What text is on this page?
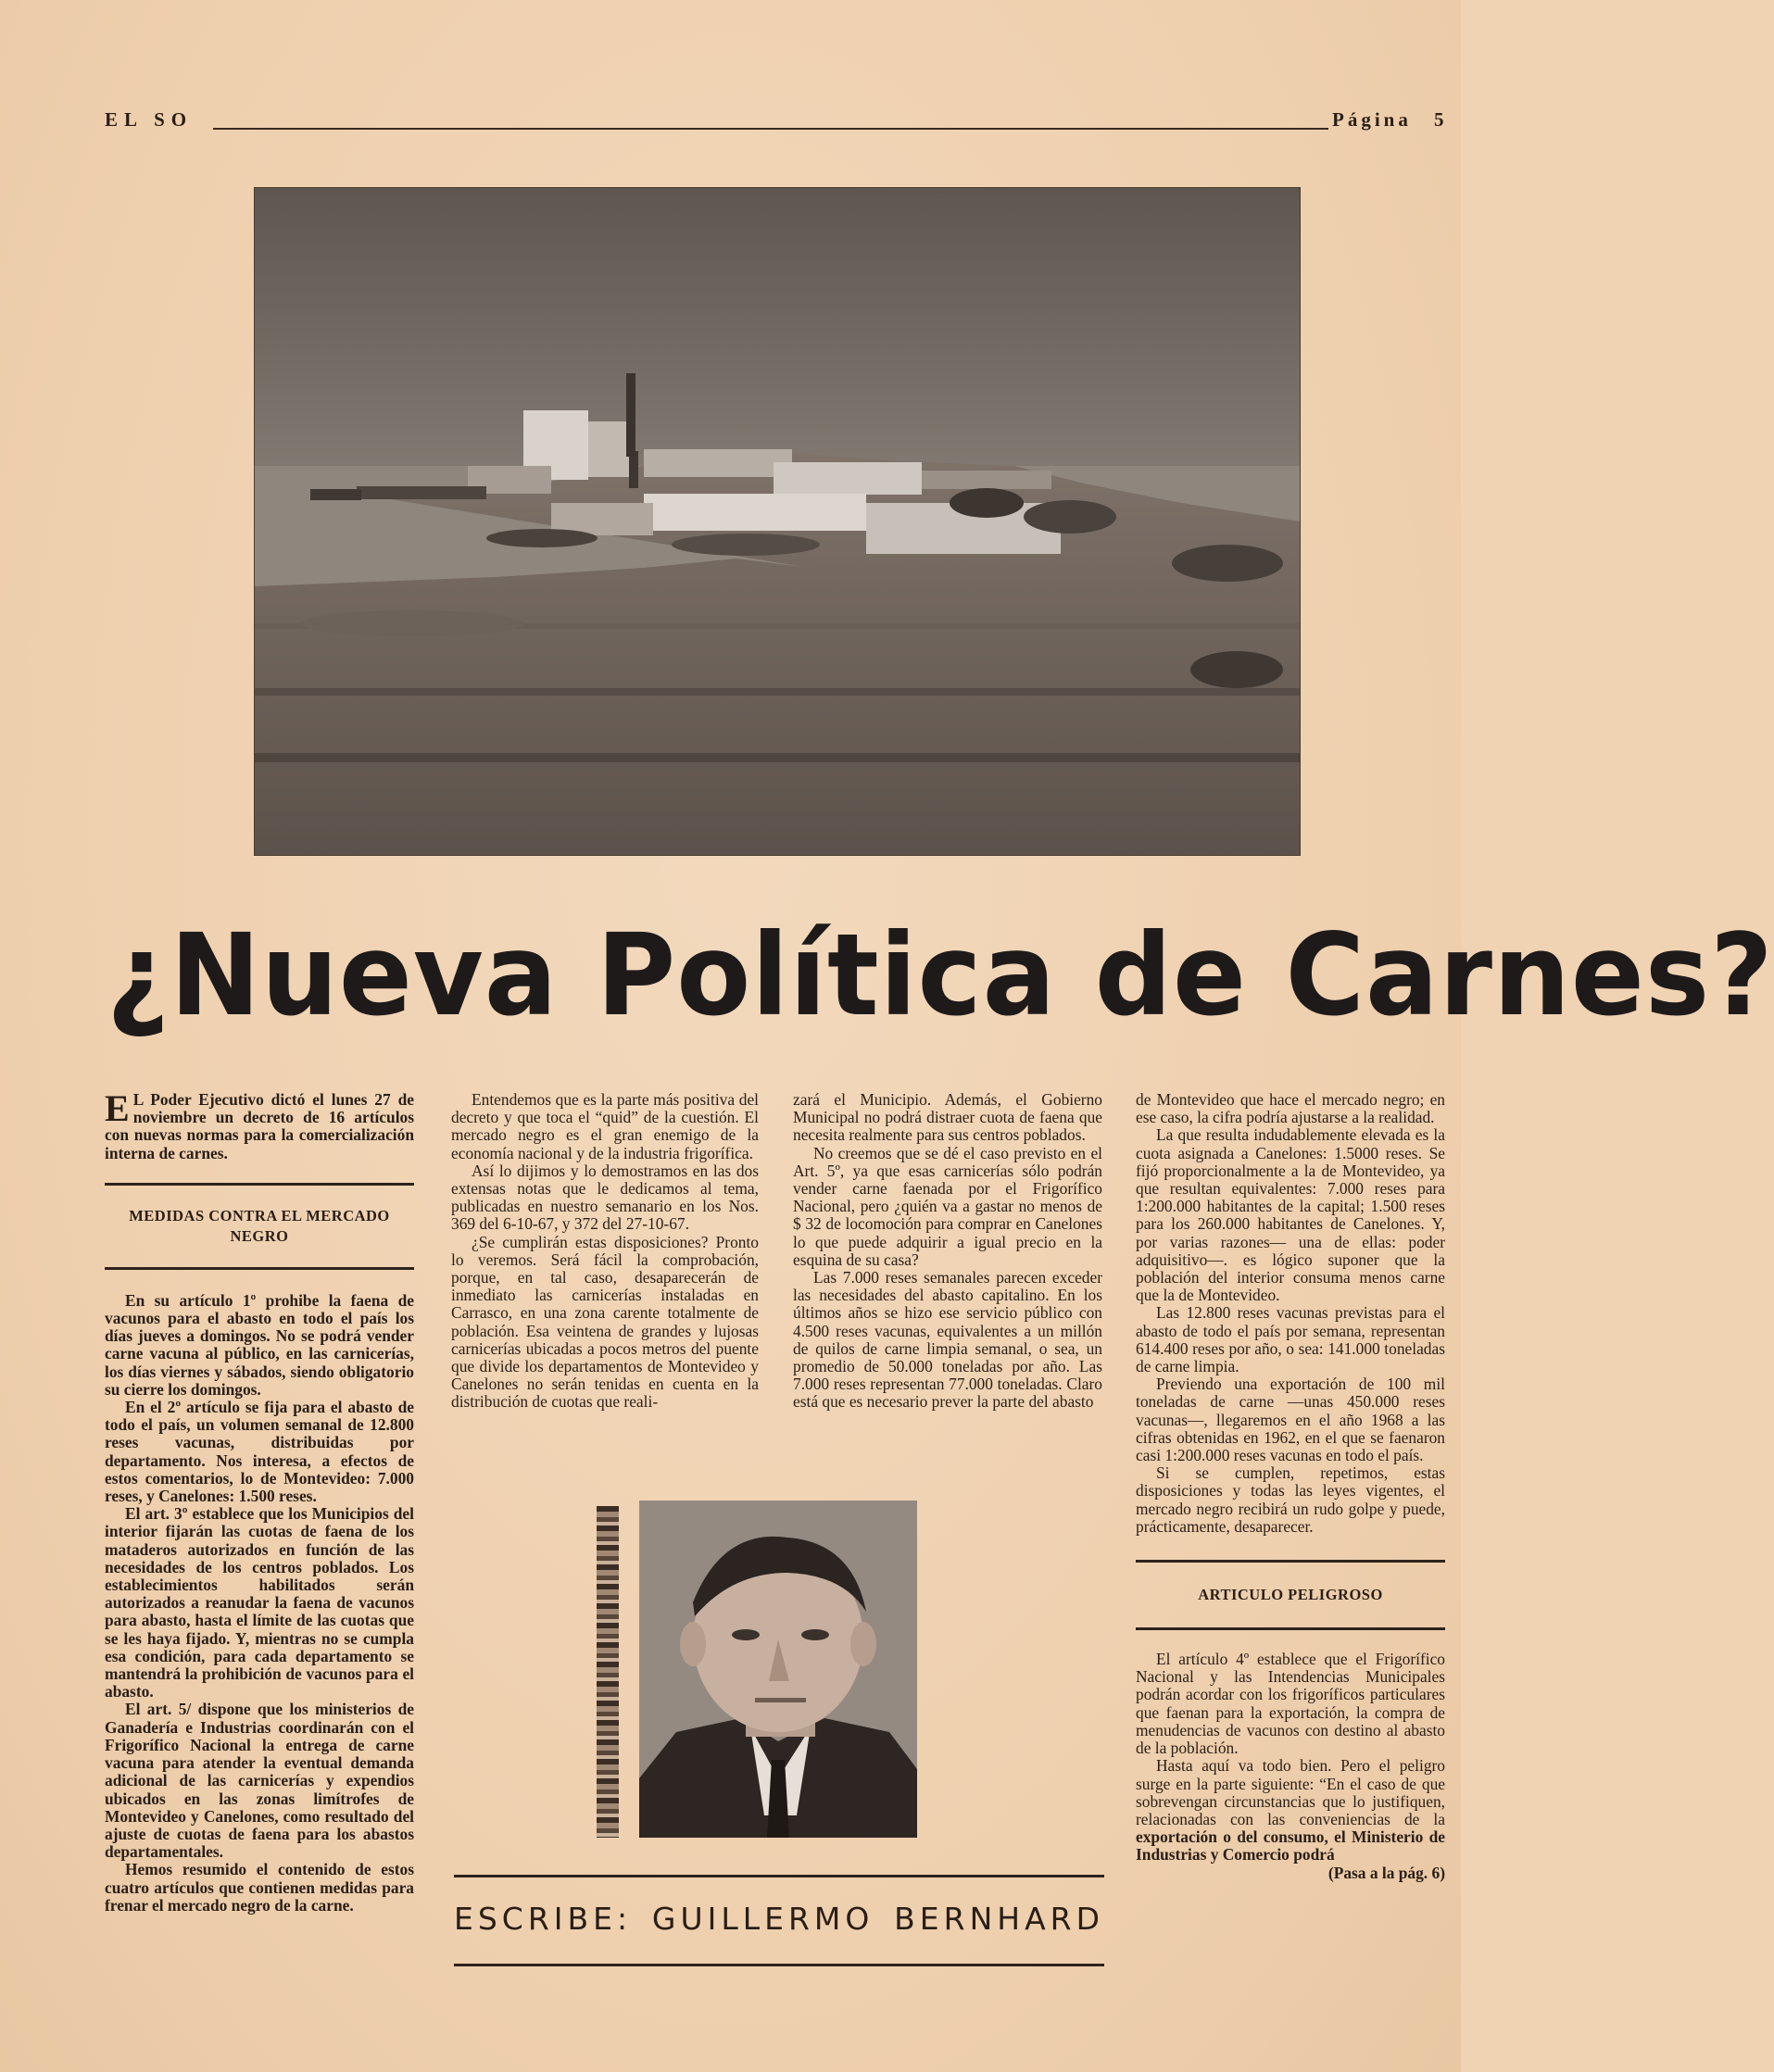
EL SO	Página 5
¿Nueva Política de Carnes?

E L Poder Ejecutivo dictó el lunes 27 de noviembre un decreto de 16 artículos con nuevas normas para la comercialización interna de carnes.

MEDIDAS CONTRA EL MERCADO NEGRO

En su artículo 1º prohibe la faena de vacunos para el abasto en todo el país los días jueves a domingos. No se podrá vender carne vacuna al público, en las carnicerías, los días viernes y sábados, siendo obligatorio su cierre los domingos.

En el 2º artículo se fija para el abasto de todo el país, un volumen semanal de 12.800 reses vacunas, distribuidas por departamento. Nos interesa, a efectos de estos comentarios, lo de Montevideo: 7.000 reses, y Canelones: 1.500 reses.

El art. 3º establece que los Municipios del interior fijarán las cuotas de faena de los mataderos autorizados en función de las necesidades de los centros poblados. Los establecimientos habilitados serán autorizados a reanudar la faena de vacunos para abasto, hasta el límite de las cuotas que se les haya fijado. Y, mientras no se cumpla esa condición, para cada departamento se mantendrá la prohibición de vacunos para el abasto.

El art. 5/ dispone que los ministerios de Ganadería e Industrias coordinarán con el Frigorífico Nacional la entrega de carne vacuna para atender la eventual demanda adicional de las carnicerías y expendios ubicados en las zonas limítrofes de Montevideo y Canelones, como resultado del ajuste de cuotas de faena para los abastos departamentales.

Hemos resumido el contenido de estos cuatro artículos que contienen medidas para frenar el mercado negro de la carne.

Entendemos que es la parte más positiva del decreto y que toca el “quid” de la cuestión. El mercado negro es el gran enemigo de la economía nacional y de la industria frigorífica.

Así lo dijimos y lo demostramos en las dos extensas notas que le dedicamos al tema, publicadas en nuestro semanario en los Nos. 369 del 6-10-67, y 372 del 27-10-67.

¿Se cumplirán estas disposiciones? Pronto lo veremos. Será fácil la comprobación, porque, en tal caso, desaparecerán de inmediato las carnicerías instaladas en Carrasco, en una zona carente totalmente de población. Esa veintena de grandes y lujosas carnicerías ubicadas a pocos metros del puente que divide los departamentos de Montevideo y Canelones no serán tenidas en cuenta en la distribución de cuotas que reali-

zará el Municipio. Además, el Gobierno Municipal no podrá distraer cuota de faena que necesita realmente para sus centros poblados.

No creemos que se dé el caso previsto en el Art. 5º, ya que esas carnicerías sólo podrán vender carne faenada por el Frigorífico Nacional, pero ¿quién va a gastar no menos de $ 32 de locomoción para comprar en Canelones lo que puede adquirir a igual precio en la esquina de su casa?

Las 7.000 reses semanales parecen exceder las necesidades del abasto capitalino. En los últimos años se hizo ese servicio público con 4.500 reses vacunas, equivalentes a un millón de quilos de carne limpia semanal, o sea, un promedio de 50.000 toneladas por año. Las 7.000 reses representan 77.000 toneladas. Claro está que es necesario prever la parte del abasto

de Montevideo que hace el mercado negro; en ese caso, la cifra podría ajustarse a la realidad.

La que resulta indudablemente elevada es la cuota asignada a Canelones: 1.5000 reses. Se fijó proporcionalmente a la de Montevideo, ya que resultan equivalentes: 7.000 reses para 1:200.000 habitantes de la capital; 1.500 reses para los 260.000 habitantes de Canelones. Y, por varias razones— una de ellas: poder adquisitivo—. es lógico suponer que la población del interior consuma menos carne que la de Montevideo.

Las 12.800 reses vacunas previstas para el abasto de todo el país por semana, representan 614.400 reses por año, o sea: 141.000 toneladas de carne limpia.

Previendo una exportación de 100 mil toneladas de carne —unas 450.000 reses vacunas—, llegaremos en el año 1968 a las cifras obtenidas en 1962, en el que se faenaron casi 1:200.000 reses vacunas en todo el país.

Si se cumplen, repetimos, estas disposiciones y todas las leyes vigentes, el mercado negro recibirá un rudo golpe y puede, prácticamente, desaparecer.

ARTICULO PELIGROSO

El artículo 4º establece que el Frigorífico Nacional y las Intendencias Municipales podrán acordar con los frigoríficos particulares que faenan para la exportación, la compra de menudencias de vacunos con destino al abasto de la población.

Hasta aquí va todo bien. Pero el peligro surge en la parte siguiente: “En el caso de que sobrevengan circunstancias que lo justifiquen, relacionadas con las conveniencias de la exportación o del consumo, el Ministerio de Industrias y Comercio podrá

(Pasa a la pág. 6)

ESCRIBE: GUILLERMO BERNHARD
